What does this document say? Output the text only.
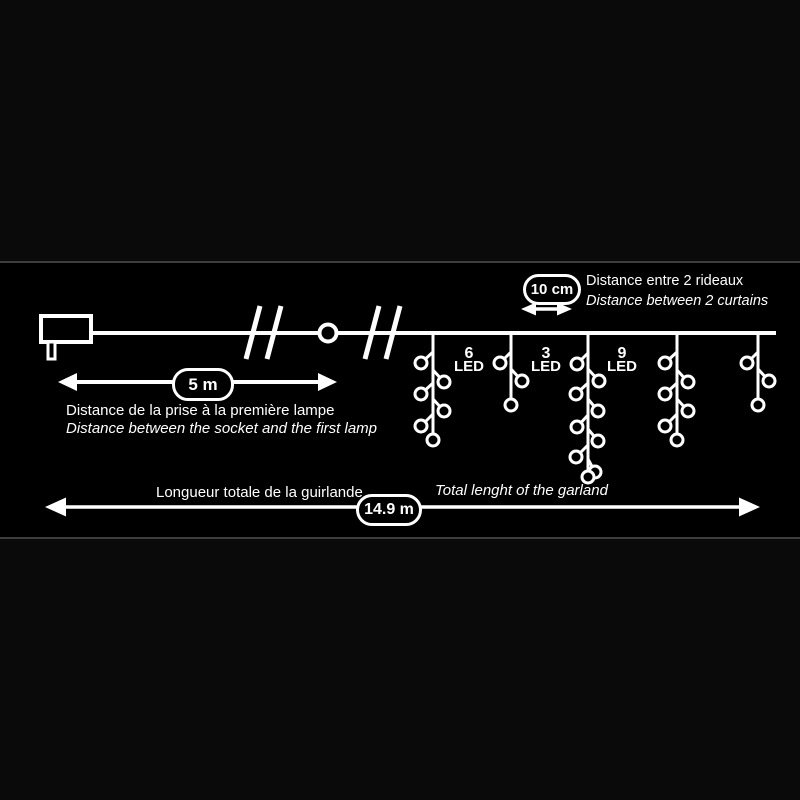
10 cm
5 m
14.9 m
Distance entre 2 rideaux
Distance between 2 curtains
Distance de la prise à la première lampe
Distance between the socket and the first lamp
Longueur totale de la guirlande	Total lenght of the garland
6
LED
3
LED
9
LED
